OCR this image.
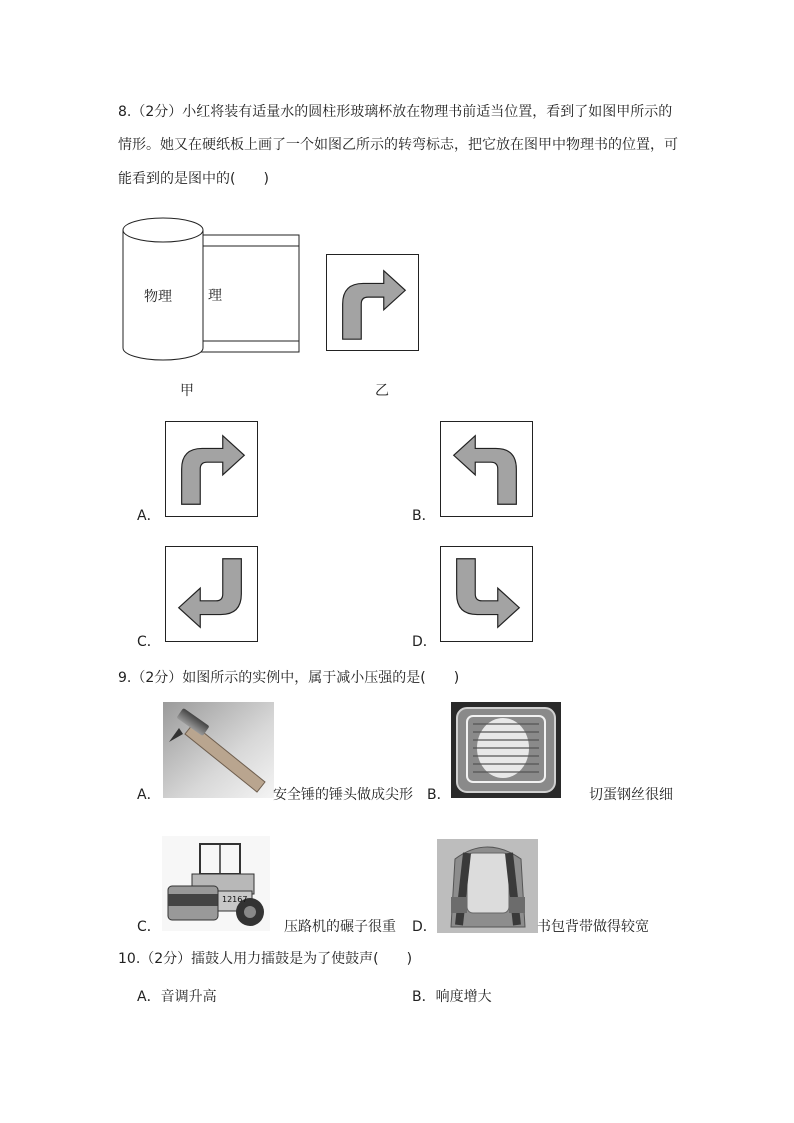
8.（2分）小红将装有适量水的圆柱形玻璃杯放在物理书前适当位置，看到了如图甲所示的
情形。她又在硬纸板上画了一个如图乙所示的转弯标志，把它放在图甲中物理书的位置，可
能看到的是图中的(　　)
物理	理
甲	乙
A．	B．
C．	D．
9.（2分）如图所示的实例中，属于减小压强的是(　　)
A．	安全锤的锤头做成尖形 B．	切蛋钢丝很细
C．
12167
压路机的碾子很重 D．	书包背带做得较宽
10.（2分）擂鼓人用力擂鼓是为了使鼓声(　　)
A．音调升高	B．响度增大
